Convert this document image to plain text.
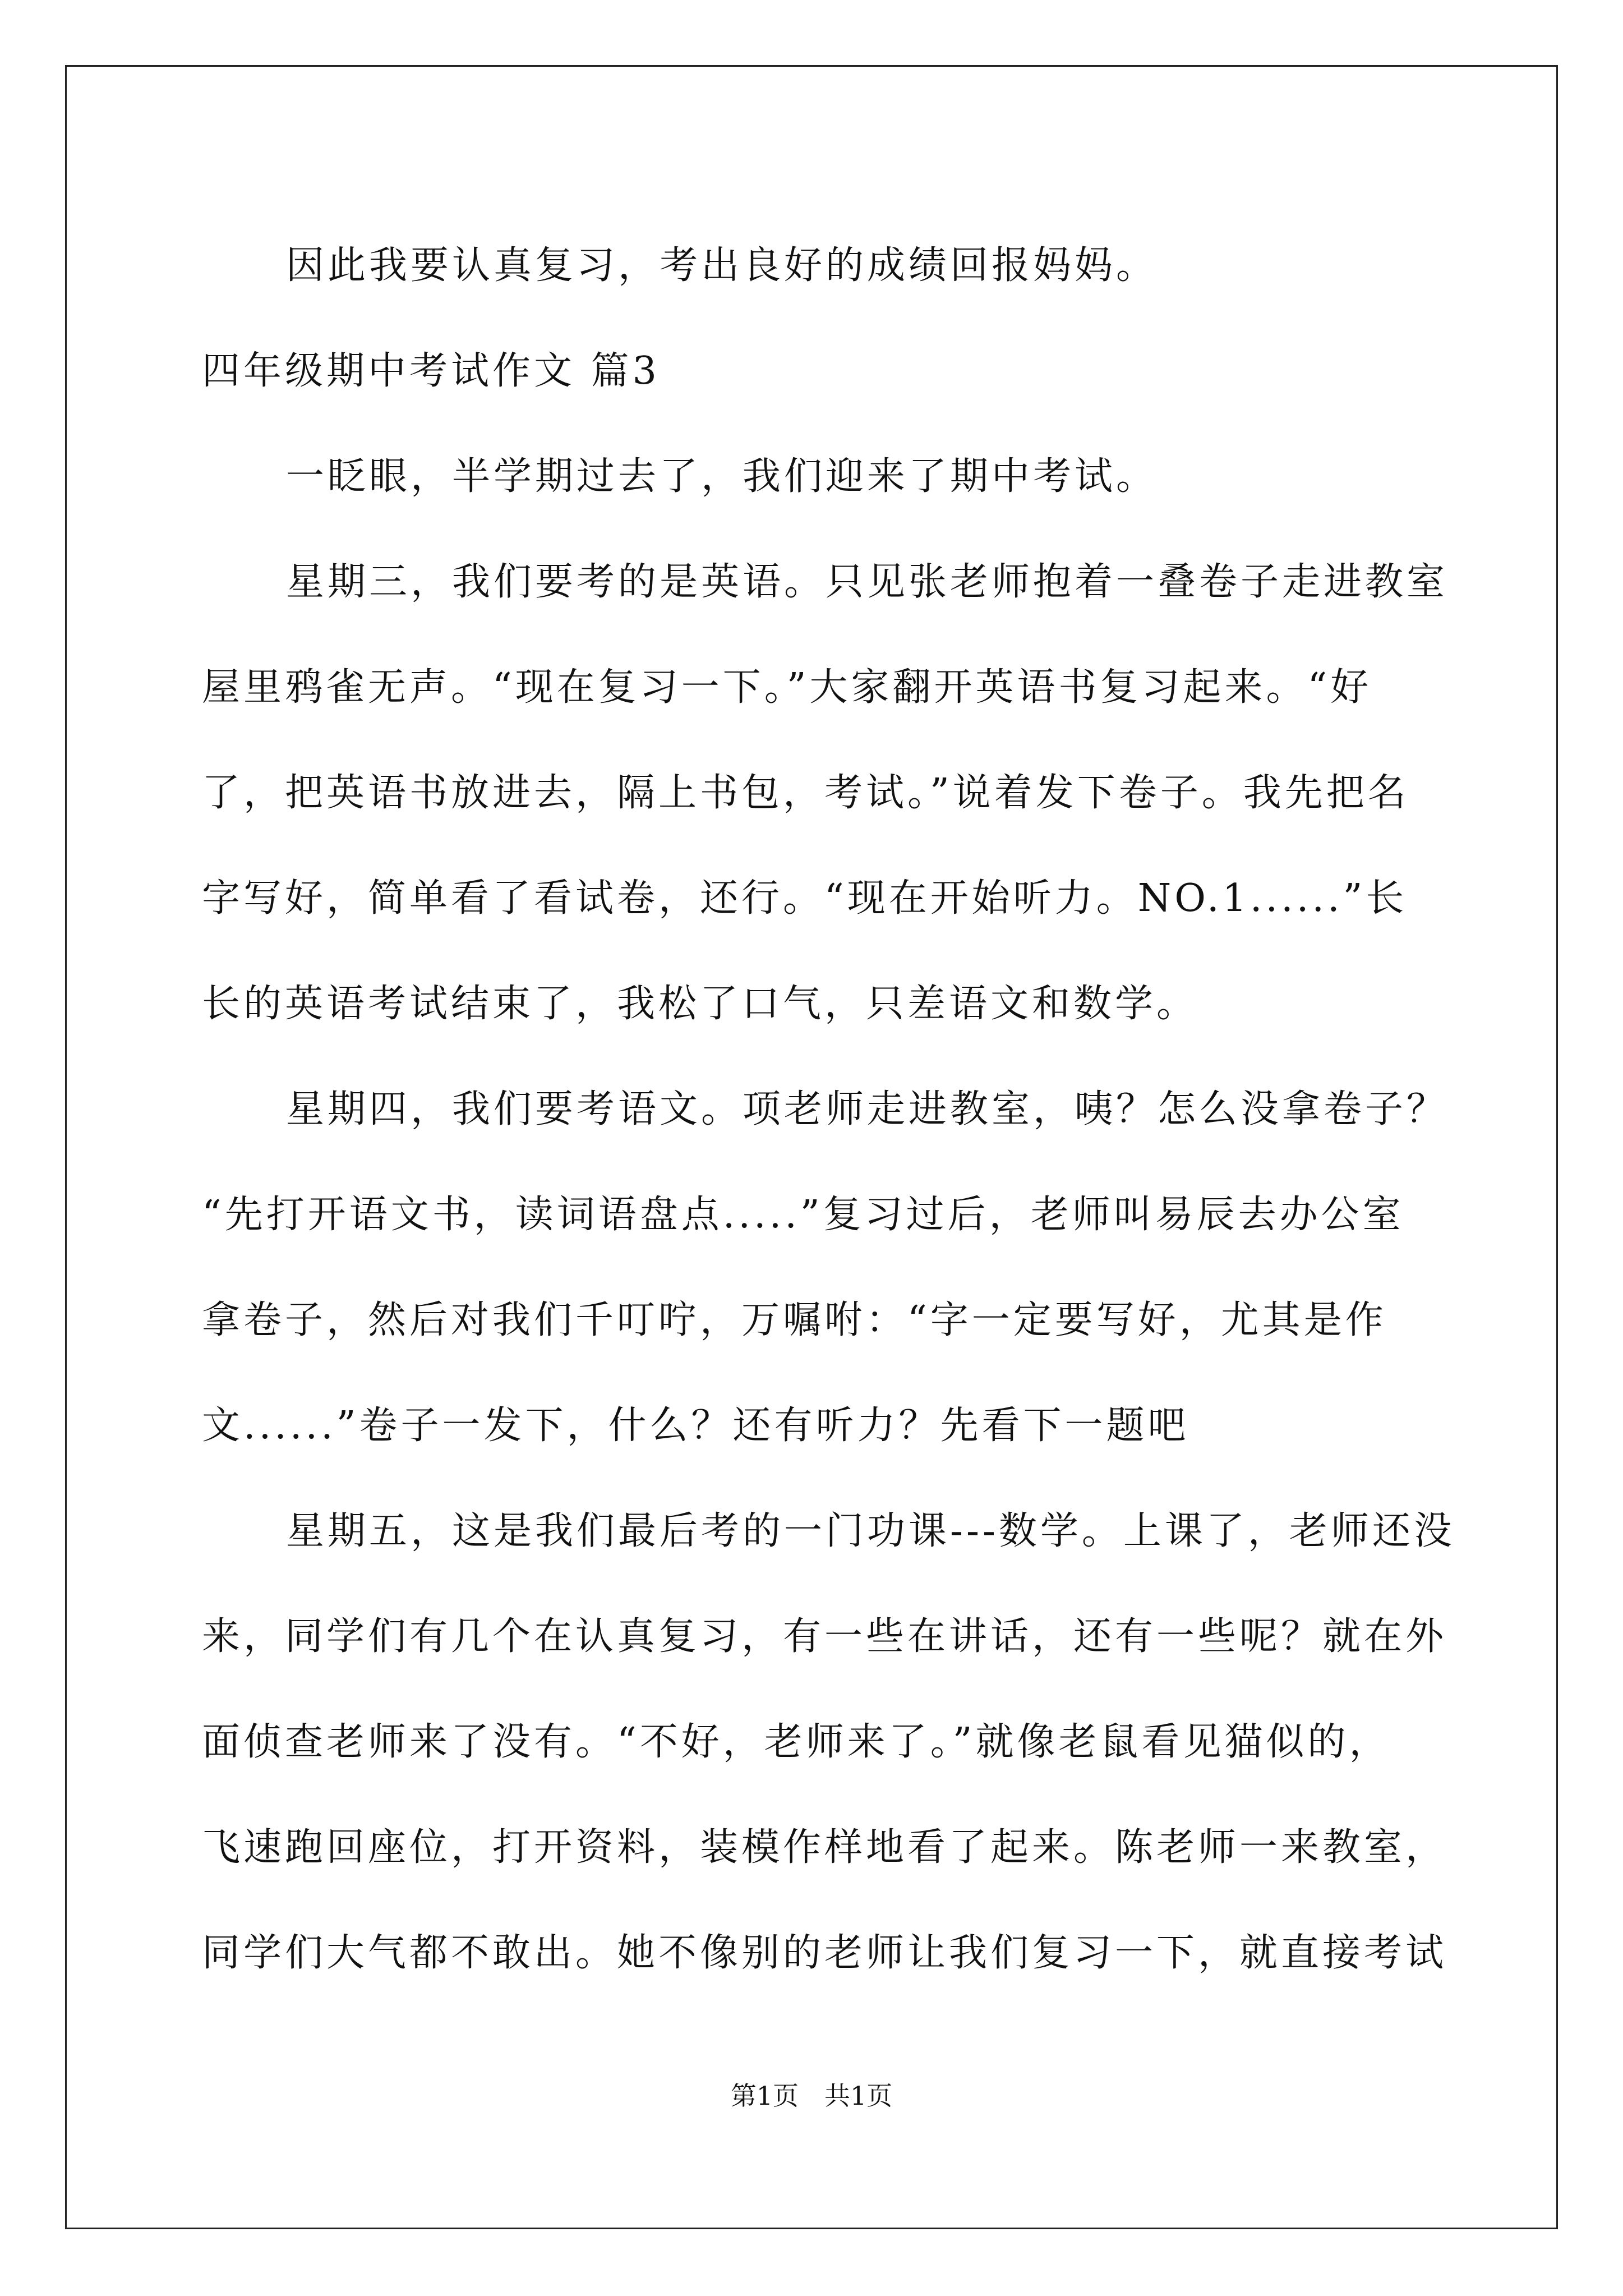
因此我要认真复习，考出良好的成绩回报妈妈。
四年级期中考试作文 篇3
一眨眼，半学期过去了，我们迎来了期中考试。
星期三，我们要考的是英语。只见张老师抱着一叠卷子走进教室
屋里鸦雀无声。“现在复习一下。”大家翻开英语书复习起来。“好
了，把英语书放进去，隔上书包，考试。”说着发下卷子。我先把名
字写好，简单看了看试卷，还行。“现在开始听力。NO.1......”长
长的英语考试结束了，我松了口气，只差语文和数学。
星期四，我们要考语文。项老师走进教室，咦？怎么没拿卷子？
“先打开语文书，读词语盘点.....”复习过后，老师叫易辰去办公室
拿卷子，然后对我们千叮咛，万嘱咐：“字一定要写好，尤其是作
文......”卷子一发下，什么？还有听力？先看下一题吧
星期五，这是我们最后考的一门功课---数学。上课了，老师还没
来，同学们有几个在认真复习，有一些在讲话，还有一些呢？就在外
面侦查老师来了没有。“不好，老师来了。”就像老鼠看见猫似的，
飞速跑回座位，打开资料，装模作样地看了起来。陈老师一来教室，
同学们大气都不敢出。她不像别的老师让我们复习一下，就直接考试
第1页　共1页
